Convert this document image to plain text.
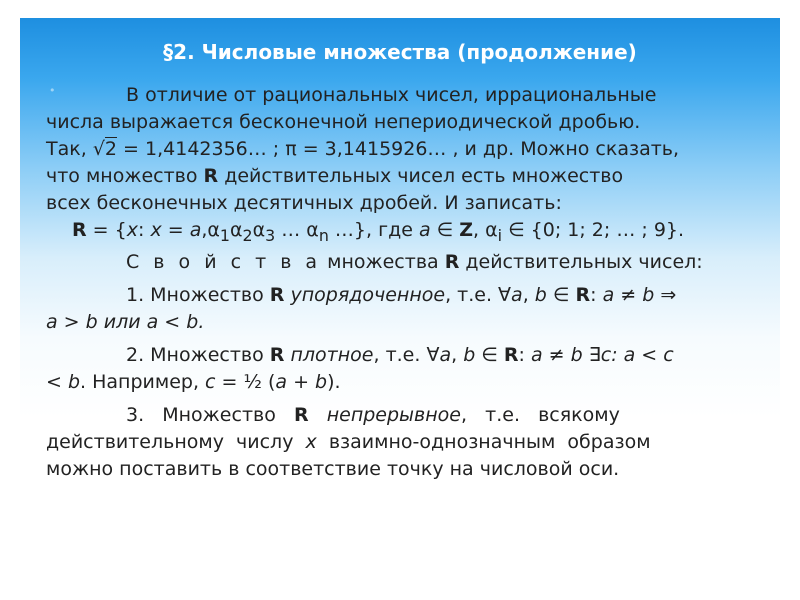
§2. Числовые множества (продолжение)
•	В отличие от рациональных чисел, иррациональные

числа выражается бесконечной непериодической дробью.

Так, √2 = 1,4142356… ; π = 3,1415926… , и др. Можно сказать,

что множество R действительных чисел есть множество

всех бесконечных десятичных дробей. И записать:

R = {x: $x = a,\alpha_1\alpha_2\alpha_3$ … $\alpha_n$ …}, где a ∈ Z, $\alpha_i$ ∈ {0; 1; 2; … ; 9}.

С в о й с т в а множества R действительных чисел:

1. Множество R упорядоченное, т.е. ∀a, b ∈ R: a ≠ b ⇒

a > b или a < b.

2. Множество R плотное, т.е. ∀a, b ∈ R: a ≠ b ∃c: a < c

< b. Например, c = ½ (a + b).

3.   Множество   R   непрерывное,   т.е.   всякому

действительному  числу  x  взаимно-однозначным  образом

можно поставить в соответствие точку на числовой оси.
